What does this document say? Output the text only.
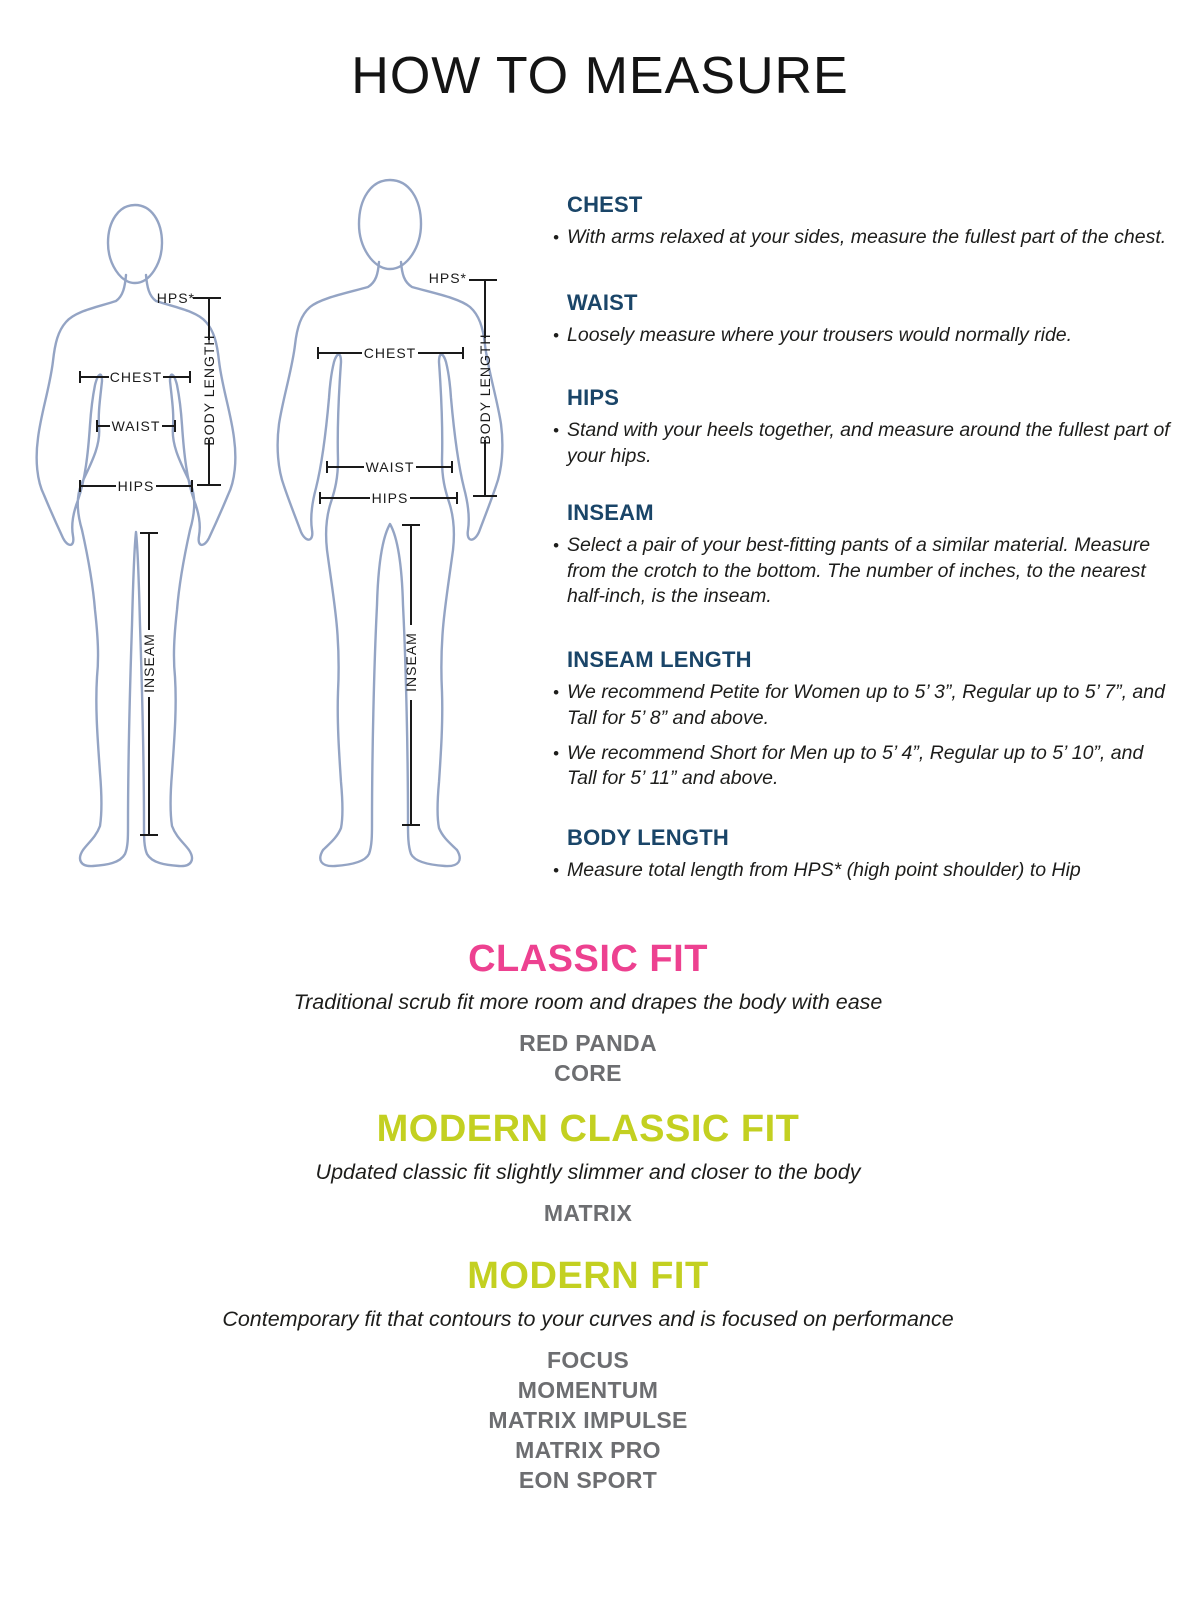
HOW TO MEASURE
HPS*
BODY LENGTH
CHEST
WAIST
HIPS
INSEAM
HPS*
BODY LENGTH
CHEST
WAIST
HIPS
INSEAM
CHEST
•
With arms relaxed at your sides, measure the fullest part of the chest.
WAIST
•
Loosely measure where your trousers would normally ride.
HIPS
•
Stand with your heels together, and measure around the fullest part of your hips.
INSEAM
•
Select a pair of your best-fitting pants of a similar material. Measure from the crotch to the bottom. The number of inches, to the nearest half-inch, is the inseam.
INSEAM LENGTH
•
We recommend Petite for Women up to 5’ 3”, Regular up to 5’ 7”, and Tall for 5’ 8” and above.
•
We recommend Short for Men up to 5’ 4”, Regular up to 5’ 10”, and Tall for 5’ 11” and above.
BODY LENGTH
•
Measure total length from HPS* (high point shoulder) to Hip
CLASSIC FIT
Traditional scrub fit more room and drapes the body with ease
RED PANDA
CORE
MODERN CLASSIC FIT
Updated classic fit slightly slimmer and closer to the body
MATRIX
MODERN FIT
Contemporary fit that contours to your curves and is focused on performance
FOCUS
MOMENTUM
MATRIX IMPULSE
MATRIX PRO
EON SPORT
